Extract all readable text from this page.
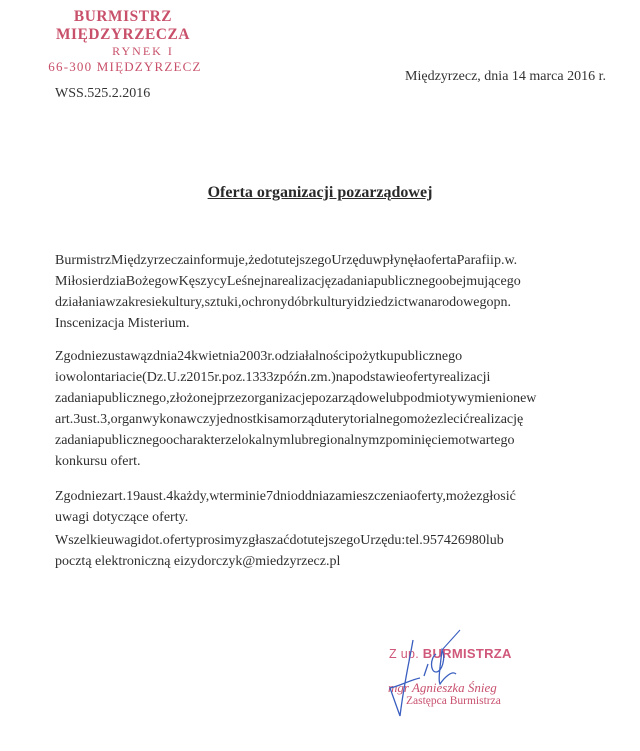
BURMISTRZ MIĘDZYRZECZA
RYNEK I
66-300 MIĘDZYRZECZ
Międzyrzecz, dnia 14 marca 2016 r.
WSS.525.2.2016
Oferta organizacji pozarządowej
BurmistrzMiędzyrzeczainformuje,żedotutejszegoUrzęduwpłynęłaofertaParafiip.w.
MiłosierdziaBożegowKęszycyLeśnejnarealizacjęzadaniapublicznegoobejmującego
działaniawzakresiekultury,sztuki,ochronydóbrkulturyidziedzictwanarodowegopn.
Inscenizacja Misterium.
Zgodniezustawązdnia24kwietnia2003r.odziałalnościpożytkupublicznego
iowolontariacie(Dz.U.z2015r.poz.1333zpóźn.zm.)napodstawieofertyrealizacji
zadaniapublicznego,złożonejprzezorganizacjepozarządowelubpodmiotywymienionew
art.3ust.3,organwykonawczyjednostkisamorząduterytorialnegomożezlecićrealizację
zadaniapublicznegoocharakterzelokalnymlubregionalnymzpominięciemotwartego
konkursu ofert.
Zgodniezart.19aust.4każdy,wterminie7dnioddniazamieszczeniaoferty,możezgłosić
uwagi dotyczące oferty.
Wszelkieuwagidot.ofertyprosimyzgłaszaćdotutejszegoUrzędu:tel.957426980lub
pocztą elektroniczną eizydorczyk@miedzyrzecz.pl
Z up. BURMISTRZA
mgr Agnieszka Śnieg
Zastępca Burmistrza
